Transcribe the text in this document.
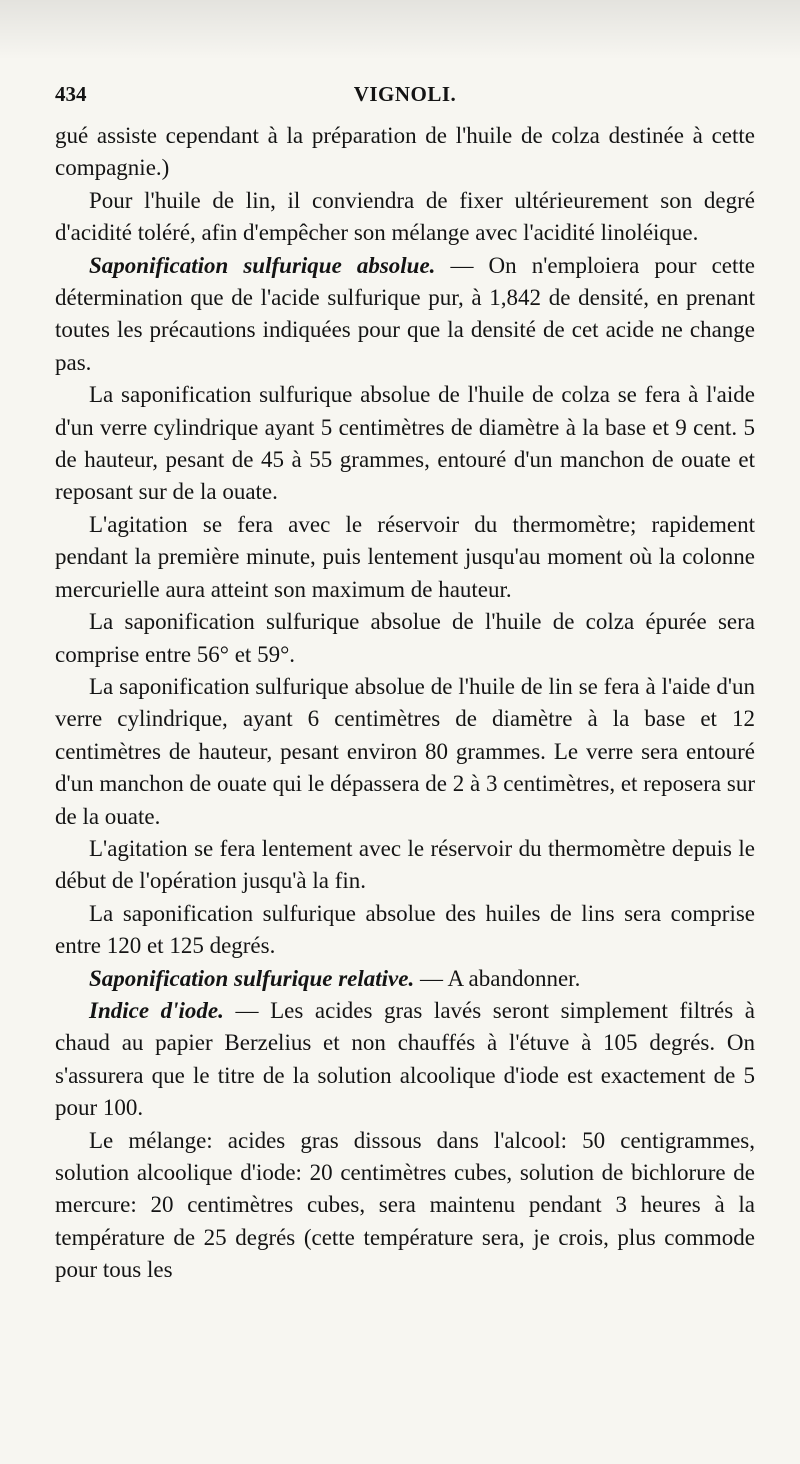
434	VIGNOLI.

gué assiste cependant à la préparation de l'huile de colza destinée à cette compagnie.)

Pour l'huile de lin, il conviendra de fixer ultérieurement son degré d'acidité toléré, afin d'empêcher son mélange avec l'acidité linoléique.

Saponification sulfurique absolue. — On n'emploiera pour cette détermination que de l'acide sulfurique pur, à 1,842 de densité, en prenant toutes les précautions indiquées pour que la densité de cet acide ne change pas.

La saponification sulfurique absolue de l'huile de colza se fera à l'aide d'un verre cylindrique ayant 5 centimètres de diamètre à la base et 9 cent. 5 de hauteur, pesant de 45 à 55 grammes, entouré d'un manchon de ouate et reposant sur de la ouate.

L'agitation se fera avec le réservoir du thermomètre; rapidement pendant la première minute, puis lentement jusqu'au moment où la colonne mercurielle aura atteint son maximum de hauteur.

La saponification sulfurique absolue de l'huile de colza épurée sera comprise entre 56° et 59°.

La saponification sulfurique absolue de l'huile de lin se fera à l'aide d'un verre cylindrique, ayant 6 centimètres de diamètre à la base et 12 centimètres de hauteur, pesant environ 80 grammes. Le verre sera entouré d'un manchon de ouate qui le dépassera de 2 à 3 centimètres, et reposera sur de la ouate.

L'agitation se fera lentement avec le réservoir du thermomètre depuis le début de l'opération jusqu'à la fin.

La saponification sulfurique absolue des huiles de lins sera comprise entre 120 et 125 degrés.

Saponification sulfurique relative. — A abandonner.

Indice d'iode. — Les acides gras lavés seront simplement filtrés à chaud au papier Berzelius et non chauffés à l'étuve à 105 degrés. On s'assurera que le titre de la solution alcoolique d'iode est exactement de 5 pour 100.

Le mélange: acides gras dissous dans l'alcool: 50 centigrammes, solution alcoolique d'iode: 20 centimètres cubes, solution de bichlorure de mercure: 20 centimètres cubes, sera maintenu pendant 3 heures à la température de 25 degrés (cette température sera, je crois, plus commode pour tous les
